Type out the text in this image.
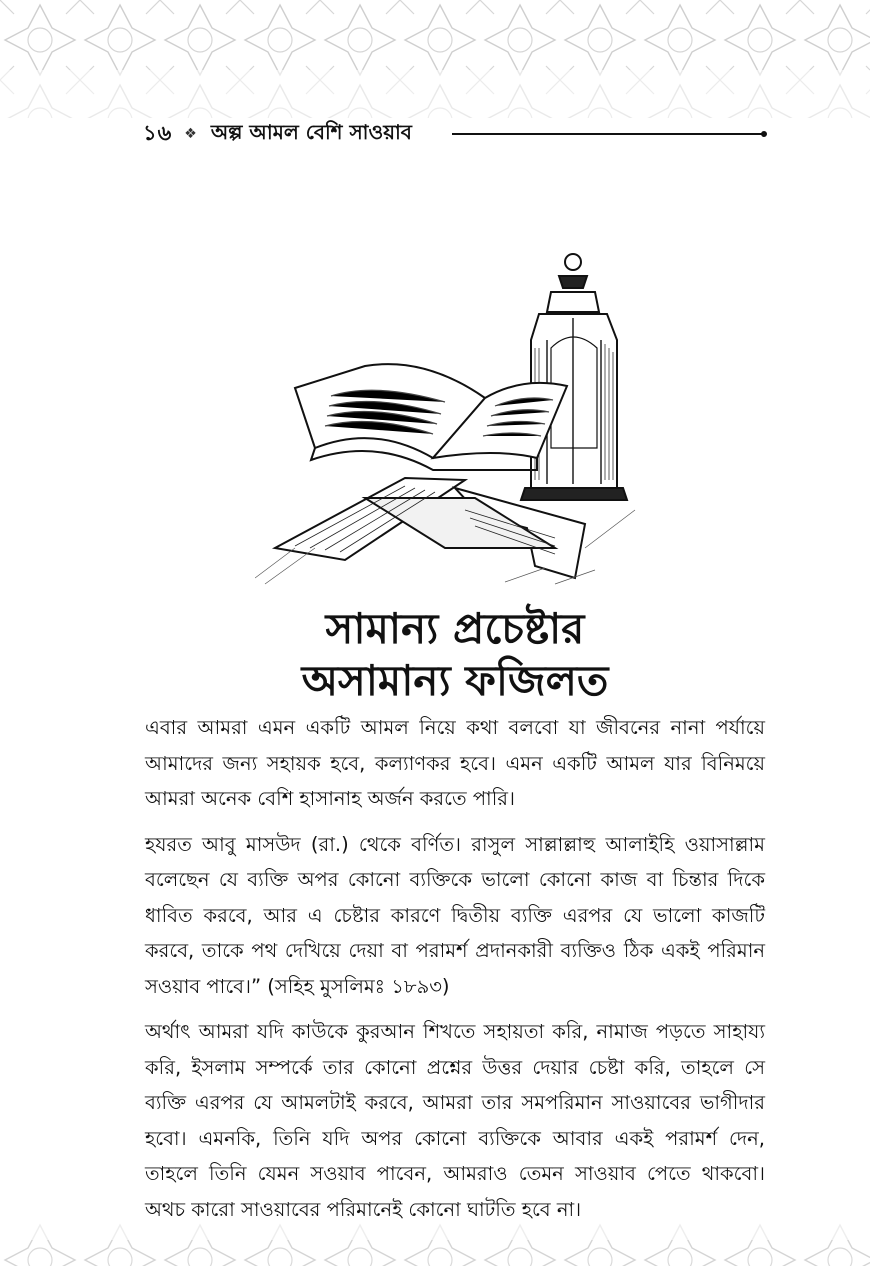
১৬ ❖ অল্প আমল বেশি সাওয়াব
সামান্য প্রচেষ্টার
অসামান্য ফজিলত

এবার আমরা এমন একটি আমল নিয়ে কথা বলবো যা জীবনের নানা পর্যায়ে আমাদের জন্য সহায়ক হবে, কল্যাণকর হবে। এমন একটি আমল যার বিনিময়ে আমরা অনেক বেশি হাসানাহ অর্জন করতে পারি।

হযরত আবু মাসউদ (রা.) থেকে বর্ণিত। রাসুল সাল্লাল্লাহু আলাইহি ওয়াসাল্লাম বলেছেন যে ব্যক্তি অপর কোনো ব্যক্তিকে ভালো কোনো কাজ বা চিন্তার দিকে ধাবিত করবে, আর এ চেষ্টার কারণে দ্বিতীয় ব্যক্তি এরপর যে ভালো কাজটি করবে, তাকে পথ দেখিয়ে দেয়া বা পরামর্শ প্রদানকারী ব্যক্তিও ঠিক একই পরিমান সওয়াব পাবে।” (সহিহ মুসলিমঃ ১৮৯৩)

অর্থাৎ আমরা যদি কাউকে কুরআন শিখতে সহায়তা করি, নামাজ পড়তে সাহায্য করি, ইসলাম সম্পর্কে তার কোনো প্রশ্নের উত্তর দেয়ার চেষ্টা করি, তাহলে সে ব্যক্তি এরপর যে আমলটাই করবে, আমরা তার সমপরিমান সাওয়াবের ভাগীদার হবো। এমনকি, তিনি যদি অপর কোনো ব্যক্তিকে আবার একই পরামর্শ দেন, তাহলে তিনি যেমন সওয়াব পাবেন, আমরাও তেমন সাওয়াব পেতে থাকবো। অথচ কারো সাওয়াবের পরিমানেই কোনো ঘাটতি হবে না।
